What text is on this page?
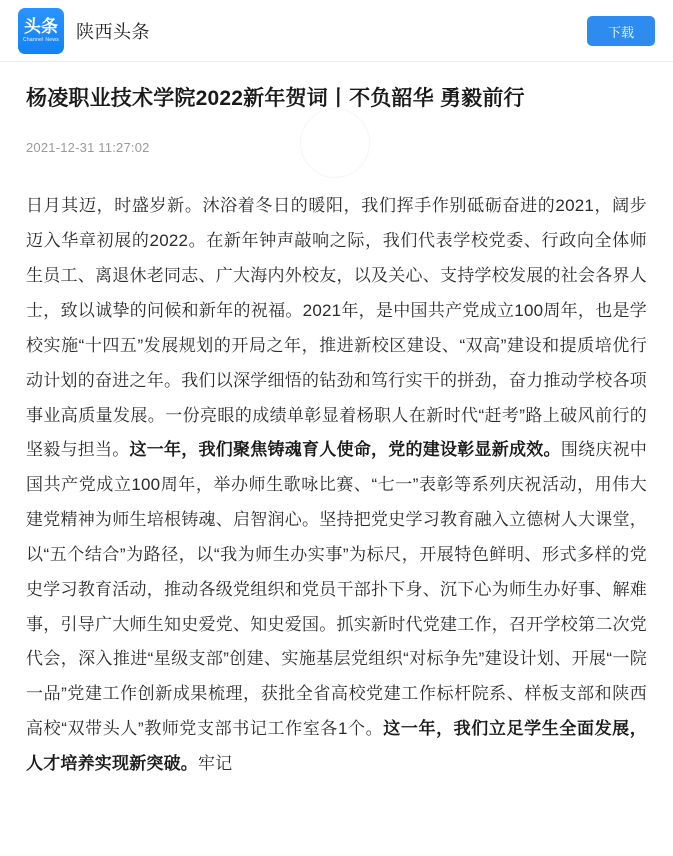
头条
Channel News 陕西头条	下载
杨凌职业技术学院2022新年贺词丨不负韶华 勇毅前行
2021-12-31 11:27:02

日月其迈，时盛岁新。沐浴着冬日的暖阳，我们挥手作别砥砺奋进的2021，阔步迈入华章初展的2022。在新年钟声敲响之际，我们代表学校党委、行政向全体师生员工、离退休老同志、广大海内外校友，以及关心、支持学校发展的社会各界人士，致以诚挚的问候和新年的祝福。2021年，是中国共产党成立100周年，也是学校实施“十四五”发展规划的开局之年，推进新校区建设、“双高”建设和提质培优行动计划的奋进之年。我们以深学细悟的钻劲和笃行实干的拼劲，奋力推动学校各项事业高质量发展。一份亮眼的成绩单彰显着杨职人在新时代“赶考”路上破风前行的坚毅与担当。这一年，我们聚焦铸魂育人使命，党的建设彰显新成效。围绕庆祝中国共产党成立100周年，举办师生歌咏比赛、“七一”表彰等系列庆祝活动，用伟大建党精神为师生培根铸魂、启智润心。坚持把党史学习教育融入立德树人大课堂，以“五个结合”为路径，以“我为师生办实事”为标尺，开展特色鲜明、形式多样的党史学习教育活动，推动各级党组织和党员干部扑下身、沉下心为师生办好事、解难事，引导广大师生知史爱党、知史爱国。抓实新时代党建工作，召开学校第二次党代会，深入推进“星级支部”创建、实施基层党组织“对标争先”建设计划、开展“一院一品”党建工作创新成果梳理，获批全省高校党建工作标杆院系、样板支部和陕西高校“双带头人”教师党支部书记工作室各1个。这一年，我们立足学生全面发展，人才培养实现新突破。牢记
